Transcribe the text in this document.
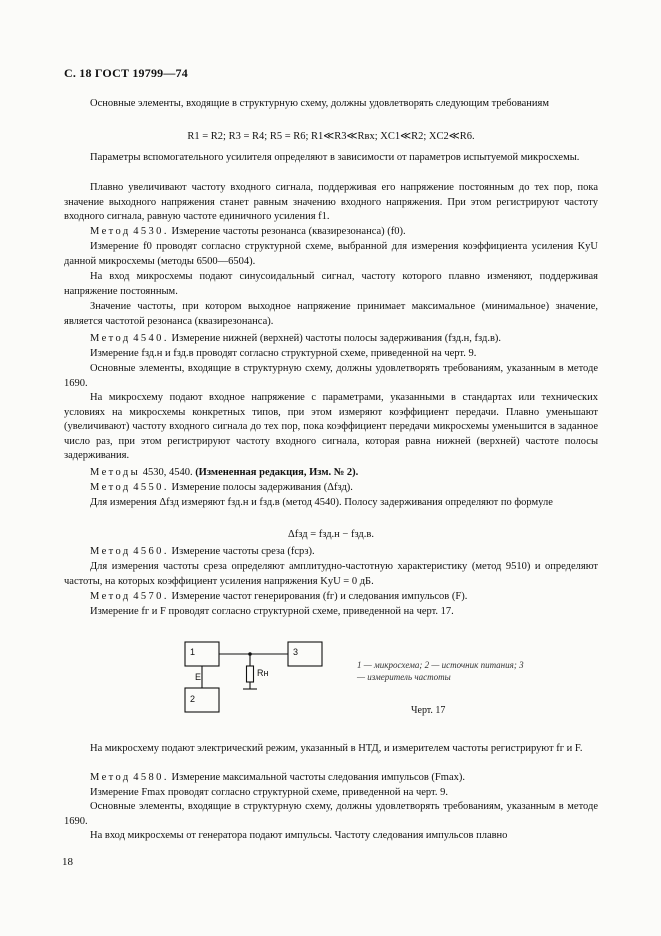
С. 18 ГОСТ 19799—74
Основные элементы, входящие в структурную схему, должны удовлетворять следующим требованиям
R1 = R2; R3 = R4; R5 = R6; R1≪R3≪Rвх; XC1≪R2; XC2≪R6.
Параметры вспомогательного усилителя определяют в зависимости от параметров испытуемой микросхемы.
Плавно увеличивают частоту входного сигнала, поддерживая его напряжение постоянным до тех пор, пока значение выходного напряжения станет равным значению входного напряжения. При этом регистрируют частоту входного сигнала, равную частоте единичного усиления f1.
Метод 4530. Измерение частоты резонанса (квазирезонанса) (f0).
Измерение f0 проводят согласно структурной схеме, выбранной для измерения коэффициента усиления KyU данной микросхемы (методы 6500—6504).
На вход микросхемы подают синусоидальный сигнал, частоту которого плавно изменяют, поддерживая напряжение постоянным.
Значение частоты, при котором выходное напряжение принимает максимальное (минимальное) значение, является частотой резонанса (квазирезонанса).
Метод 4540. Измерение нижней (верхней) частоты полосы задерживания (fзд.н, fзд.в).
Измерение fзд.н и fзд.в проводят согласно структурной схеме, приведенной на черт. 9.
Основные элементы, входящие в структурную схему, должны удовлетворять требованиям, указанным в методе 1690.
На микросхему подают входное напряжение с параметрами, указанными в стандартах или технических условиях на микросхемы конкретных типов, при этом измеряют коэффициент передачи. Плавно уменьшают (увеличивают) частоту входного сигнала до тех пор, пока коэффициент передачи микросхемы уменьшится в заданное число раз, при этом регистрируют частоту входного сигнала, которая равна нижней (верхней) частоте полосы задерживания.
Методы 4530, 4540. (Измененная редакция, Изм. № 2).
Метод 4550. Измерение полосы задерживания (Δfзд).
Для измерения Δfзд измеряют fзд.н и fзд.в (метод 4540). Полосу задерживания определяют по формуле
Δfзд = fзд.н − fзд.в.
Метод 4560. Измерение частоты среза (fсрз).
Для измерения частоты среза определяют амплитудно-частотную характеристику (метод 9510) и определяют частоты, на которых коэффициент усиления напряжения KyU = 0 дБ.
Метод 4570. Измерение частот генерирования (fг) и следования импульсов (F).
Измерение fг и F проводят согласно структурной схеме, приведенной на черт. 17.
1
2
3
E	Rн
1 — микросхема; 2 — источник питания; 3 — измеритель частоты
Черт. 17
На микросхему подают электрический режим, указанный в НТД, и измерителем частоты регистрируют fг и F.
Метод 4580. Измерение максимальной частоты следования импульсов (Fmax).
Измерение Fmax проводят согласно структурной схеме, приведенной на черт. 9.
Основные элементы, входящие в структурную схему, должны удовлетворять требованиям, указанным в методе 1690.
На вход микросхемы от генератора подают импульсы. Частоту следования импульсов плавно
18
